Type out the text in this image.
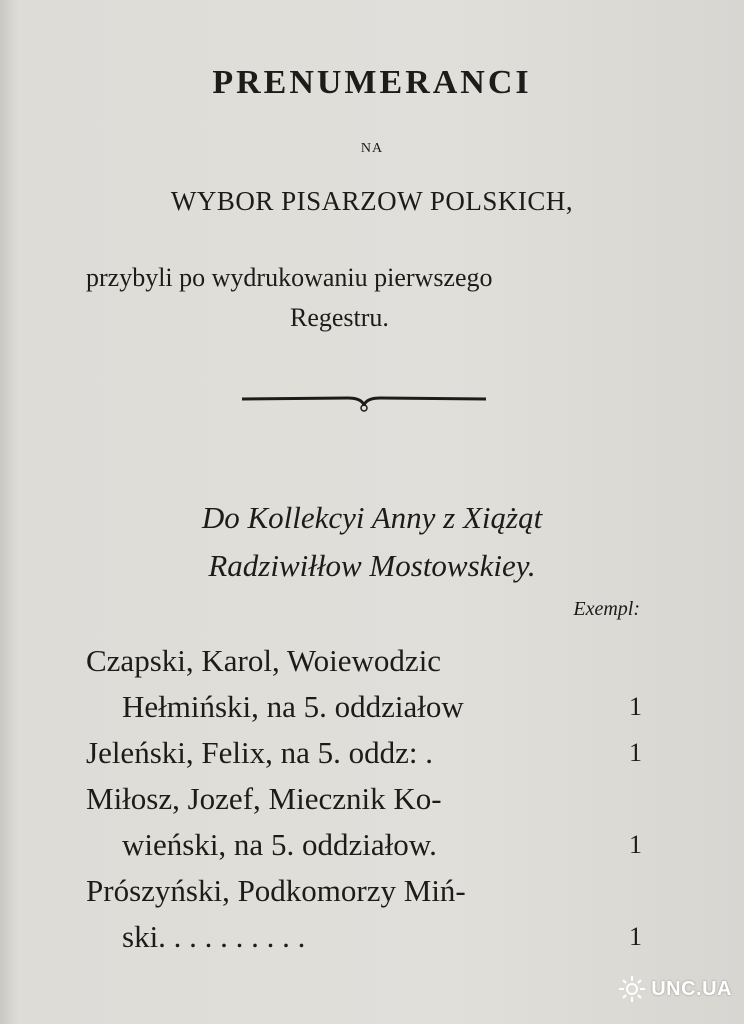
PRENUMERANCI
NA
WYBOR PISARZOW POLSKICH,
przybyli po wydrukowaniu pierwszego
Regestru.
Do Kollekcyi Anny z Xiążąt
Radziwiłłow Mostowskiey.
Exempl:
Czapski, Karol, Woiewodzic
Hełmiński, na 5. oddziałow	1
Jeleński, Felix, na 5. oddz: .	1
Miłosz, Jozef, Miecznik Ko-
wieński, na 5. oddziałow.	1
Prószyński, Podkomorzy Miń-
ski. . . . . . . . . .	1
UNC.UA
